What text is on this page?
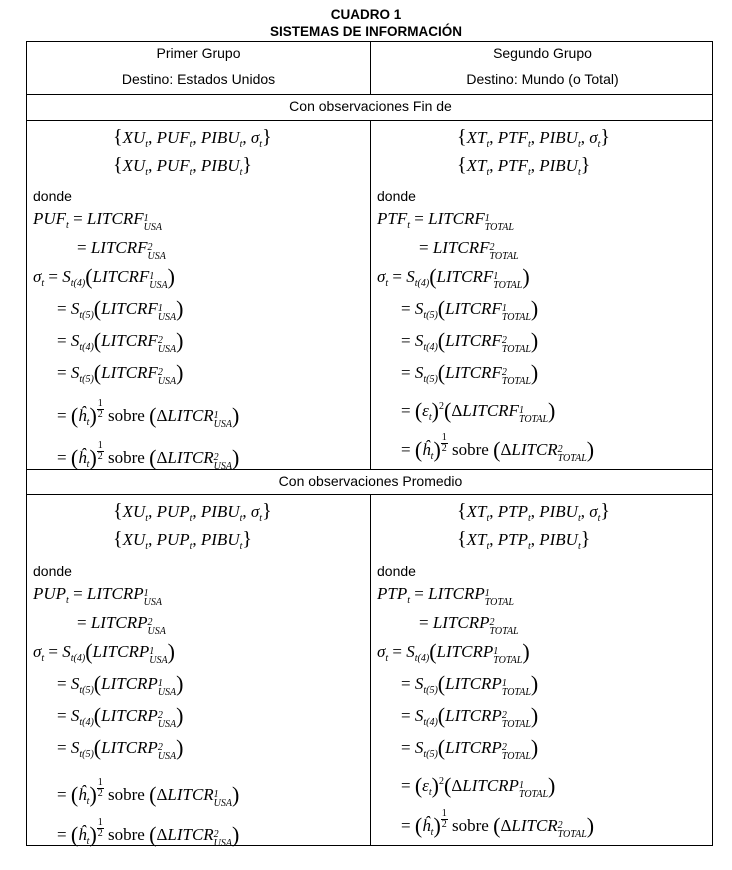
CUADRO 1
SISTEMAS DE INFORMACIÓN
Primer Grupo
Destino: Estados Unidos
Segundo Grupo
Destino: Mundo (o Total)
Con observaciones Fin de
Con observaciones Promedio
{$XU_t$, $PUF_t$, $PIBU_t$, $\sigma_t$}
{$XU_t$, $PUF_t$, $PIBU_t$}
donde
$PUF_t$ = LITCRF 1
USA
= LITCRF 2
USA
$\sigma_t$ = $S_{t(4)}(LITCRF$ 1
USA )
= $S_{t(5)}(LITCRF$ 1
USA )
= $S_{t(4)}(LITCRF$ 2
USA )
= $S_{t(5)}(LITCRF$ 2
USA )
= $(ĥ_t) \frac{1}{2}$ sobre (ΔLITCR 1
USA )
= $(ĥ_t) \frac{1}{2}$ sobre (ΔLITCR 2
USA )
{$XT_t$, $PTF_t$, $PIBU_t$, $\sigma_t$}
{$XT_t$, $PTF_t$, $PIBU_t$}
donde
$PTF_t$ = LITCRF 1
TOTAL
= LITCRF 2
TOTAL
$\sigma_t$ = $S_{t(4)}(LITCRF$ 1
TOTAL )
= $S_{t(5)}(LITCRF$ 1
TOTAL )
= $S_{t(4)}(LITCRF$ 2
TOTAL )
= $S_{t(5)}(LITCRF$ 2
TOTAL )
= $(\varepsilon_t)^2(\Delta LITCRF$ 1
TOTAL )
= $(ĥ_t) \frac{1}{2}$ sobre (ΔLITCR 2
TOTAL )
{$XU_t$, $PUP_t$, $PIBU_t$, $\sigma_t$}
{$XU_t$, $PUP_t$, $PIBU_t$}
donde
$PUP_t$ = LITCRP 1
USA
= LITCRP 2
USA
$\sigma_t$ = $S_{t(4)}(LITCRP$ 1
USA )
= $S_{t(5)}(LITCRP$ 1
USA )
= $S_{t(4)}(LITCRP$ 2
USA )
= $S_{t(5)}(LITCRP$ 2
USA )
= $(ĥ_t) \frac{1}{2}$ sobre (ΔLITCR 1
USA )
= $(ĥ_t) \frac{1}{2}$ sobre (ΔLITCR 2
USA )
{$XT_t$, $PTP_t$, $PIBU_t$, $\sigma_t$}
{$XT_t$, $PTP_t$, $PIBU_t$}
donde
$PTP_t$ = LITCRP 1
TOTAL
= LITCRP 2
TOTAL
$\sigma_t$ = $S_{t(4)}(LITCRP$ 1
TOTAL )
= $S_{t(5)}(LITCRP$ 1
TOTAL )
= $S_{t(4)}(LITCRP$ 2
TOTAL )
= $S_{t(5)}(LITCRP$ 2
TOTAL )
= $(\varepsilon_t)^2(\Delta LITCRP$ 1
TOTAL )
= $(ĥ_t) \frac{1}{2}$ sobre (ΔLITCR 2
TOTAL )
